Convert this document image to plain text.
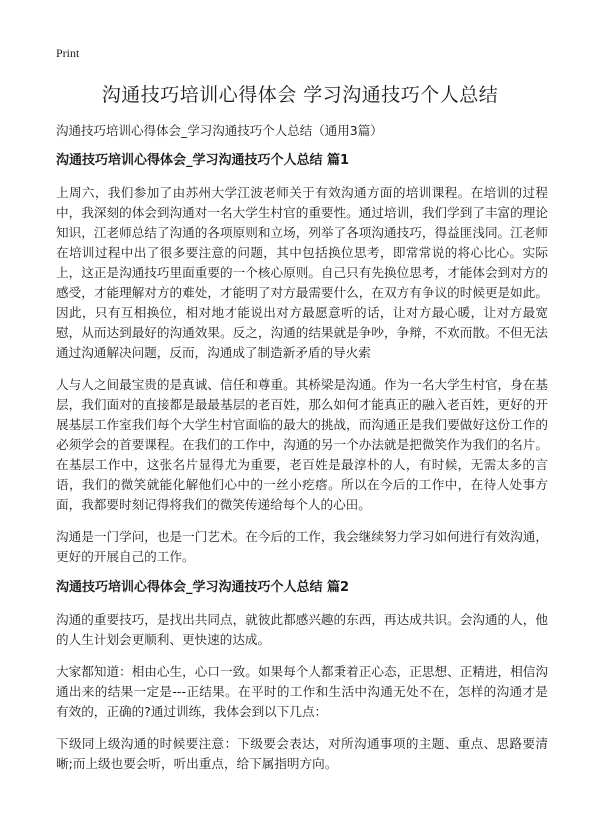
Print
沟通技巧培训心得体会 学习沟通技巧个人总结

沟通技巧培训心得体会_学习沟通技巧个人总结（通用3篇）

沟通技巧培训心得体会_学习沟通技巧个人总结 篇1

上周六，我们参加了由苏州大学江波老师关于有效沟通方面的培训课程。在培训的过程中，我深刻的体会到沟通对一名大学生村官的重要性。通过培训，我们学到了丰富的理论知识，江老师总结了沟通的各项原则和立场，列举了各项沟通技巧，得益匪浅同。江老师在培训过程中出了很多要注意的问题，其中包括换位思考，即常常说的将心比心。实际上，这正是沟通技巧里面重要的一个核心原则。自己只有先换位思考，才能体会到对方的感受，才能理解对方的难处，才能明了对方最需要什么，在双方有争议的时候更是如此。因此，只有互相换位，相对地才能说出对方最愿意听的话，让对方最心暖，让对方最宽慰，从而达到最好的沟通效果。反之，沟通的结果就是争吵，争辩，不欢而散。不但无法通过沟通解决问题，反而，沟通成了制造新矛盾的导火索

人与人之间最宝贵的是真诚、信任和尊重。其桥梁是沟通。作为一名大学生村官，身在基层，我们面对的直接都是最最基层的老百姓，那么如何才能真正的融入老百姓，更好的开展基层工作室我们每个大学生村官面临的最大的挑战，而沟通正是我们要做好这份工作的必须学会的首要课程。在我们的工作中，沟通的另一个办法就是把微笑作为我们的名片。在基层工作中，这张名片显得尤为重要，老百姓是最淳朴的人，有时候，无需太多的言语，我们的微笑就能化解他们心中的一丝小疙瘩。所以在今后的工作中，在待人处事方面，我都要时刻记得将我们的微笑传递给每个人的心田。

沟通是一门学问，也是一门艺术。在今后的工作，我会继续努力学习如何进行有效沟通，更好的开展自己的工作。

沟通技巧培训心得体会_学习沟通技巧个人总结 篇2

沟通的重要技巧，是找出共同点，就彼此都感兴趣的东西，再达成共识。会沟通的人，他的人生计划会更顺利、更快速的达成。

大家都知道：相由心生，心口一致。如果每个人都秉着正心态，正思想、正精进，相信沟通出来的结果一定是---正结果。在平时的工作和生活中沟通无处不在，怎样的沟通才是有效的，正确的?通过训练，我体会到以下几点：

下级同上级沟通的时候要注意：下级要会表达，对所沟通事项的主题、重点、思路要清晰;而上级也要会听，听出重点，给下属指明方向。
